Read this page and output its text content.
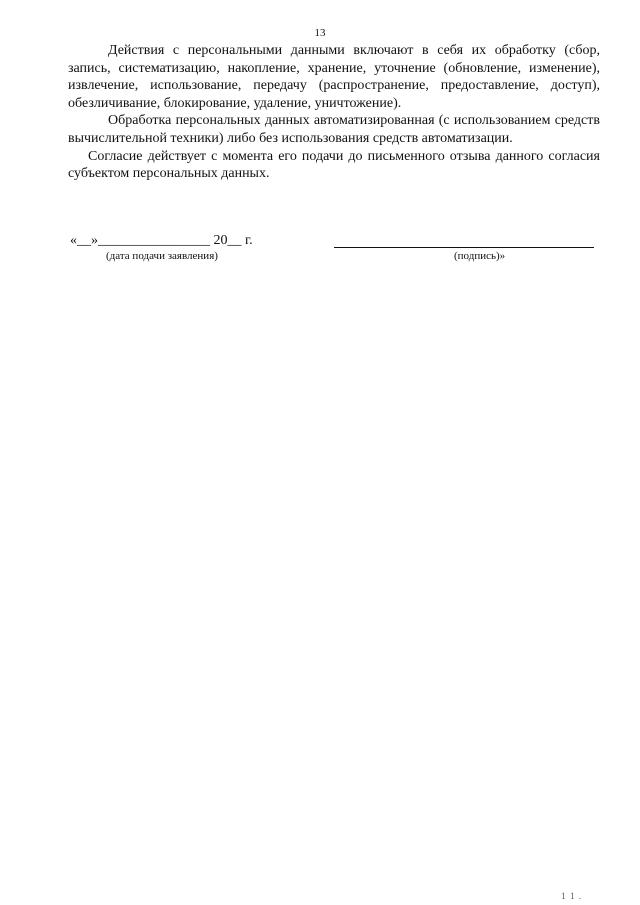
13

Действия с персональными данными включают в себя их обработку (сбор, запись, систематизацию, накопление, хранение, уточнение (обновление, изменение), извлечение, использование, передачу (распространение, предоставление, доступ), обезличивание, блокирование, удаление, уничтожение).

Обработка персональных данных автоматизированная (с использованием средств вычислительной техники) либо без использования средств автоматизации.

Согласие действует с момента его подачи до письменного отзыва данного согласия субъектом персональных данных.

«__»________________ 20__ г.
(дата подачи заявления)	(подпись)»
1 1 .
